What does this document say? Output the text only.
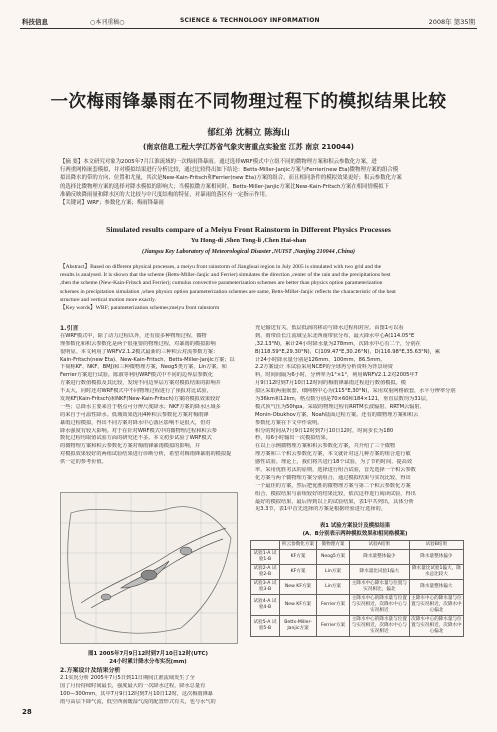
科技信息	○本刊重稿○	SCIENCE & TECHNOLOGY INFORMATION	2008年 第35期
一次梅雨锋暴雨在不同物理过程下的模拟结果比较
郁红弟 沈桐立 陈海山
(南京信息工程大学江苏省气象灾害重点实验室 江苏 南京 210044)
【摘 要】本文研究对象为2005年7月江淮流域的一次梅雨锋暴雨。通过选择WRF模式中立组不同的微物理方案和积云参数化方案，进
行两重网格嵌套模拟，并对模拟结果进行分析比较，通过比较得出如下结论：Betts-Miller-Janjic方案与Ferrier(new Eta)微物理方案的组合模
拟出降水的带的方向、位置和尤量，其次是New-Kain-Fritsch和Ferrier(new Eta)方案的组合，而且相同条件的模拟效果更好；积云参数化方案
的选择比微物理方案的选择对降水模拟的影响大；当模拟微方案相同时，Betts-Miller-Janjic方案比New-Kain-Fritsch方案在相同情模拟下
准确反映降雨量和降水区的大比较与中尺度结构的特征，对暴雨的落区有一定指示作用。
【关键词】WRF；参数化方案；梅雨锋暴雨
Simulated results compare of a Meiyu Front Rainstorm in Different Physics Processes
Yu Hong-di ,Shen Tong-li ,Chen Hai-shan
(Jiangsu Key Laboratory of Meteorological Disaster ,NUIST ,Nanjing 210044 ,China)
【Abstract】Based on different physical processes, a meiyu front rainstorm of Jianghuai region in July 2005 is simulated with two grid and the
results is analysed. It is shown that the scheme (Betts-Miller-Janjic and Ferrier) simulates the direction ,center of the rain and the precipitations best
,then the scheme (New-Kain-Fritsch and Ferrier); cumulus convective parameterization schemes are better than physics option parameterization
schemes in precipitation simulation ,when physics option parameterization schemes are same, Betts-Miller-Janjic reflects the characteristic of the heat
structure and vertical motion more exactly.
【Key words】WRF; parameterization schemes;meiyu front rainstorm
1.引言
在WRF模式中，除了动力过程以外，还有很多种物理过程，微物
理参数化和积云参数化是两个很重要的物理过程，对暴雨的模拟影响
很明显。本文利用了WRFV2.1.2模式最新的三种积云对流参数方案：
Kain-Fritsch(new Eta)、New-Kain-Fritsch、Betts-Miller-Janjic方案；以
下简称KF、NKF、BMJ)和三种微物理方案，Neog5类方案、Lin方案、和
Ferrier方案进行试验。陈淑等利用WRF模式中不同的边界层参数化
方案进行数值模拟及其比较，发现不同边界层方案对模拟结果的影响并
不太大，同时还对WRF模式中不同物理过程进行了预报对比试验，
发现KF(Kain-Fritsch)和NKF(New-Kain-Fritsch)方案的模拟效果较好
一些；总降水主要来自于格点可分辨尺度降水；NKF方案的降水区域多
的来自于可温性降水。低城效果选用4种积云参数化方案对梅雨锋
暴雨过程模拟，得出不同方案对降水中心落区影响不是很大，但对
降水强度有较大影响。对于在针对WRF模式中的微物理过程和积云参
数化过程均取值试验方面的研究还不多。本文初步试验了WRF模式
的微物理方案和积云参数化方案对梅雨锋暴雨模拟的影响，并
对模拟效果较好的两组试验结果进行诊断分析，希望对梅雨锋暴雨的模拟提
供一定的参考价值。
充足输送有关，低层低涡的移动与降水过程相对应。由图1可以看
到，雨带沿长江流域呈东北西南带状分布，最大降水中心A(114.05°E
,32.13°N)，累计24小时降水量为278mm，次降水中心有二个，分别在
B(118.59°E,29.30°N)、C(109.47°E,30.26°N)、D(116.98°E,35.63°N)，累
计24小时降水量分别是126mm、100mm、86.5mm。
2.2方案设计 本试验采用NCEP的全球再分析资料为背景场资
料，时间间隔为6小时，分辨率为1°×1°，利用WRFV2.1.2对2005年7
月9日12时到7月10日12时间的梅雨锋暴雨过程进行数值模拟。模
拟区采取两重嵌套，细网格中心为(115°E,30°N)，采用双重网格嵌套，水平分辨率分别
为36km和12km，格点数分别是70×60和184×121，垂直层数均为31层，
模式顶气压为50hpa。采取的物理过程有RRTM长波辐射、RRTM云辐射、
Monin-Obukhov方案、Noah陆面过程方案。还有的微物理方案和积云
参数化方案在下文中作说明。
积分的时间从7月9日12时到7月10日12时，时间步长为180
秒，每6小时输出一次模拟结果。
在以上示例微物理方案和积云参数化方案，共介绍了三个微物
理方案和三个积云参数化方案，本文就针对这几种方案的组合进行敏
感性试验。理论上，我们将共进行18个试验，为了节约时间、提高效
率，采用优胜劣汰的原则，选择进行组合试验，首先选择一个积云参数
化方案与两个微物理方案分别组合，通过模拟结果与实况比较，得出
一个最佳的方案，然后把优胜的微物理方案与第二个积云参数化方案
组合，模拟结果与前组较好的结果比较，依次这样进行阅读试验，得出
最好的模拟结果，最后得到以上的试验结果，表1中共列出，具体分析
见3.3节，表1中首先选择的方案是根据经验进行选择的。
图1 2005年7月9日12时到7月10日12时(UTC)
24小时累计降水分布实况(mm)
2.方案设计及结果分析
2.1实况分析 2005年7月5日到11日期间江淮流域发生了全
国了月份持续时间最长，强度最大的一次降水过程，降水总量有
100—300mm，其中7月9日12时到7月10日12时，这次梅雨锋暴
雨与高层下降气流，低空西南暖湿气流的配置形式有关，也与水气的
表1 试验方案设计及模拟结果
(A、B分别表示两种模拟效果和相同格模案)
	积云参数化方案	微物理方案	试验A结果	试验B结果
试验1-A 试验1-B	KF方案	Neog5方案	降水量整体偏少	降水量整体偏少
试验2-A 试验2-B	KF方案	Lin方案	降水量比试验1偏大	降水量比试验1偏大，降水总比较大
试验3-A 试验3-B	New KF方案	Lin方案	主降水中心降水量与位置与实况相比，偏北	降水量整体偏大
试验4-A 试验4-B	New KF方案	Ferrier方案	主降水中心的降水量与位置与实况相近，次降水中心与实况相近	主降水中心的降水量与位置与实况相近，次降水中心偏北
试验5-A 试验5-B	Betts-Miller-Janjic方案	Ferrier方案	主降水中心的降水量与位置与实况相近，次降水中心与实况相近	次降水中心的降水量与位置与实况相近，次降水中心偏北
28
